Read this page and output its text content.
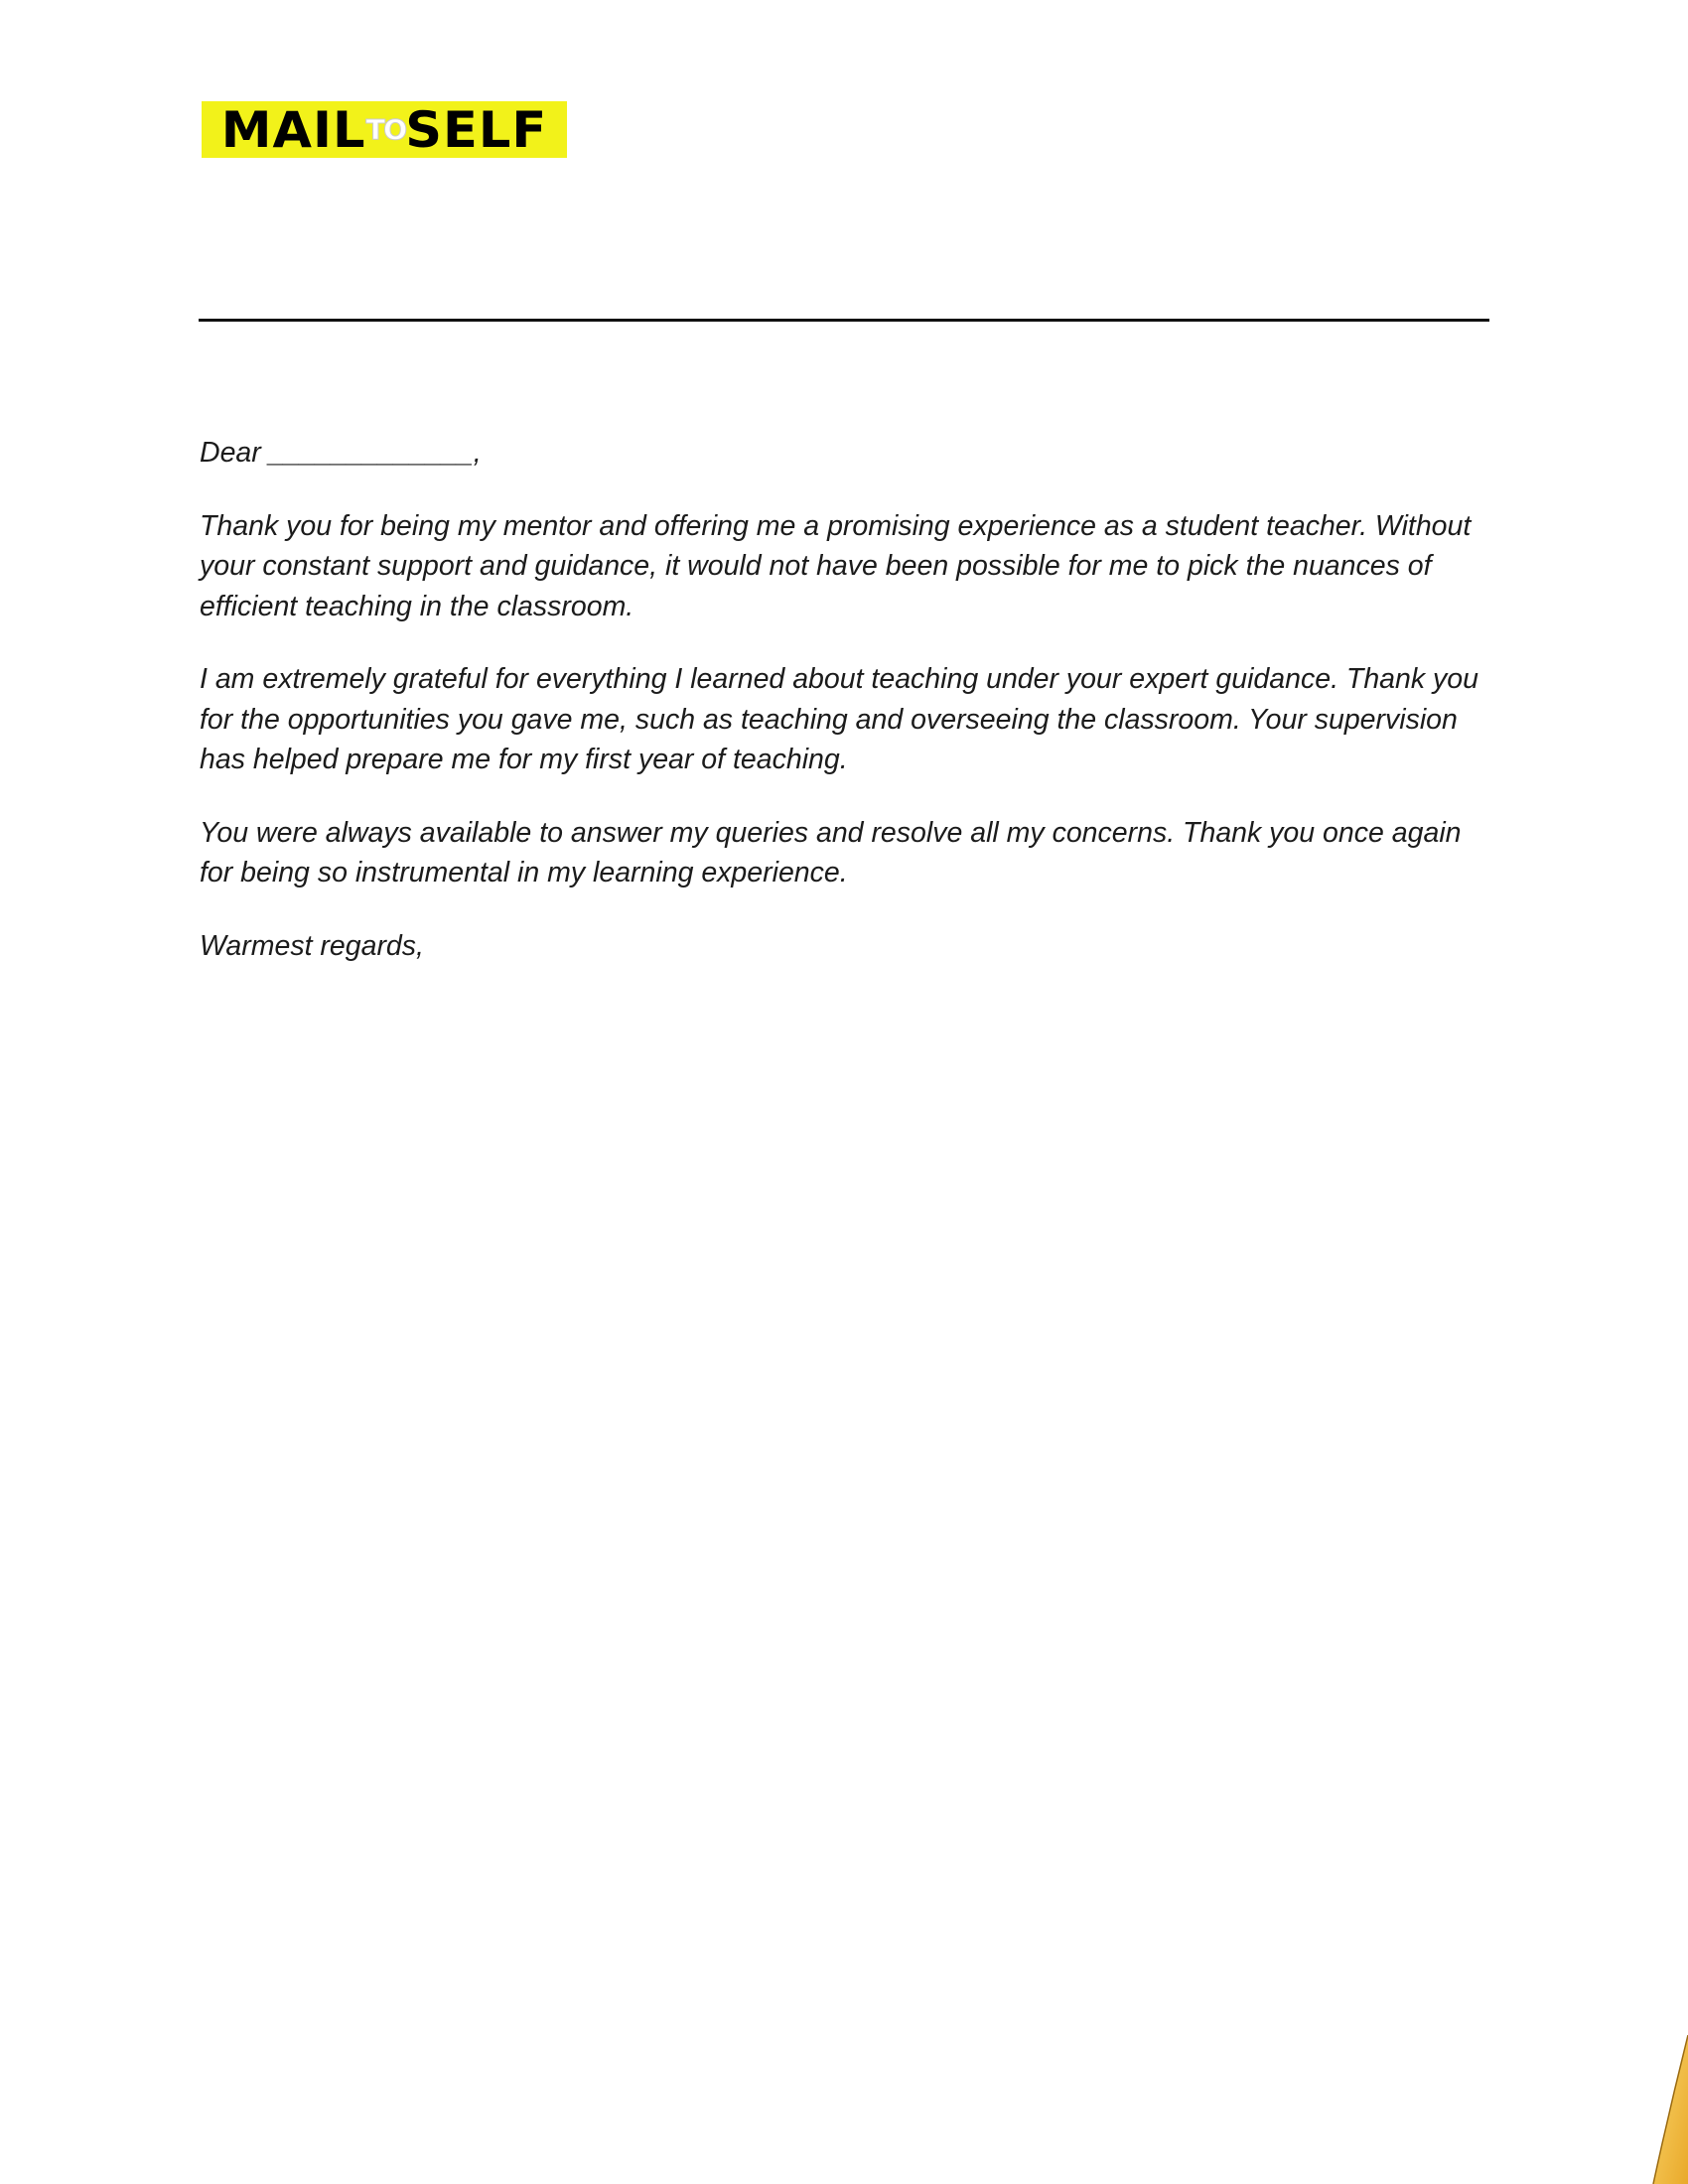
MAILTOSELF

Dear _____________,

Thank you for being my mentor and offering me a promising experience as a student teacher. Without your constant support and guidance, it would not have been possible for me to pick the nuances of efficient teaching in the classroom.

I am extremely grateful for everything I learned about teaching under your expert guidance. Thank you for the opportunities you gave me, such as teaching and overseeing the classroom. Your supervision has helped prepare me for my first year of teaching.

You were always available to answer my queries and resolve all my concerns. Thank you once again for being so instrumental in my learning experience.

Warmest regards,
